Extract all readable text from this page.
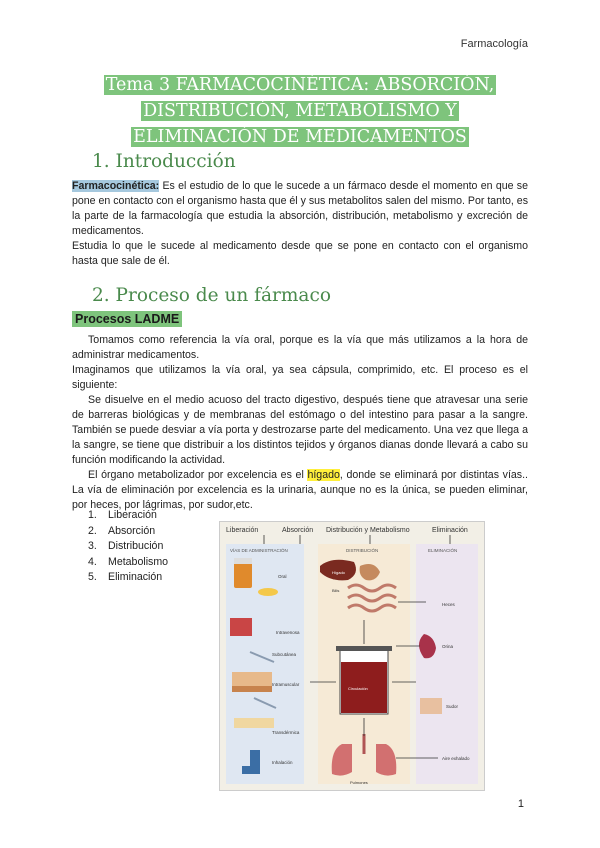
Farmacología
Tema 3 FARMACOCINÉTICA: ABSORCIÓN,
DISTRIBUCIÓN, METABOLISMO Y
ELIMINACIÓN DE MEDICAMENTOS
1. Introducción

Farmacocinética: Es el estudio de lo que le sucede a un fármaco desde el momento en que se pone en contacto con el organismo hasta que él y sus metabolitos salen del mismo. Por tanto, es la parte de la farmacología que estudia la absorción, distribución, metabolismo y excreción de medicamentos.

Estudia lo que le sucede al medicamento desde que se pone en contacto con el organismo hasta que sale de él.

2. Proceso de un fármaco
Procesos LADME

Tomamos como referencia la vía oral, porque es la vía que más utilizamos a la hora de administrar medicamentos.

Imaginamos que utilizamos la vía oral, ya sea cápsula, comprimido, etc. El proceso es el siguiente:

Se disuelve en el medio acuoso del tracto digestivo, después tiene que atravesar una serie de barreras biológicas y de membranas del estómago o del intestino para pasar a la sangre. También se puede desviar a vía porta y destrozarse parte del medicamento. Una vez que llega a la sangre, se tiene que distribuir a los distintos tejidos y órganos dianas donde llevará a cabo su función modificando la actividad.

El órgano metabolizador por excelencia es el hígado, donde se eliminará por distintas vías.. La vía de eliminación por excelencia es la urinaria, aunque no es la única, se pueden eliminar, por heces, por lágrimas, por sudor,etc.

1.	Liberación
2.	Absorción
3.	Distribución
4.	Metabolismo
5.	Eliminación
Liberación	Absorción Distribución y Metabolismo	Eliminación
VÍAS DE ADMINISTRACIÓN	DISTRIBUCIÓN	ELIMINACIÓN
Oral
Intravenosa
Subcutánea
Intramuscular
Transdérmica
Inhalación
Hígado
Bilis
Circulación
Pulmones
Heces
Orina
Sudor
Aire exhalado
1
